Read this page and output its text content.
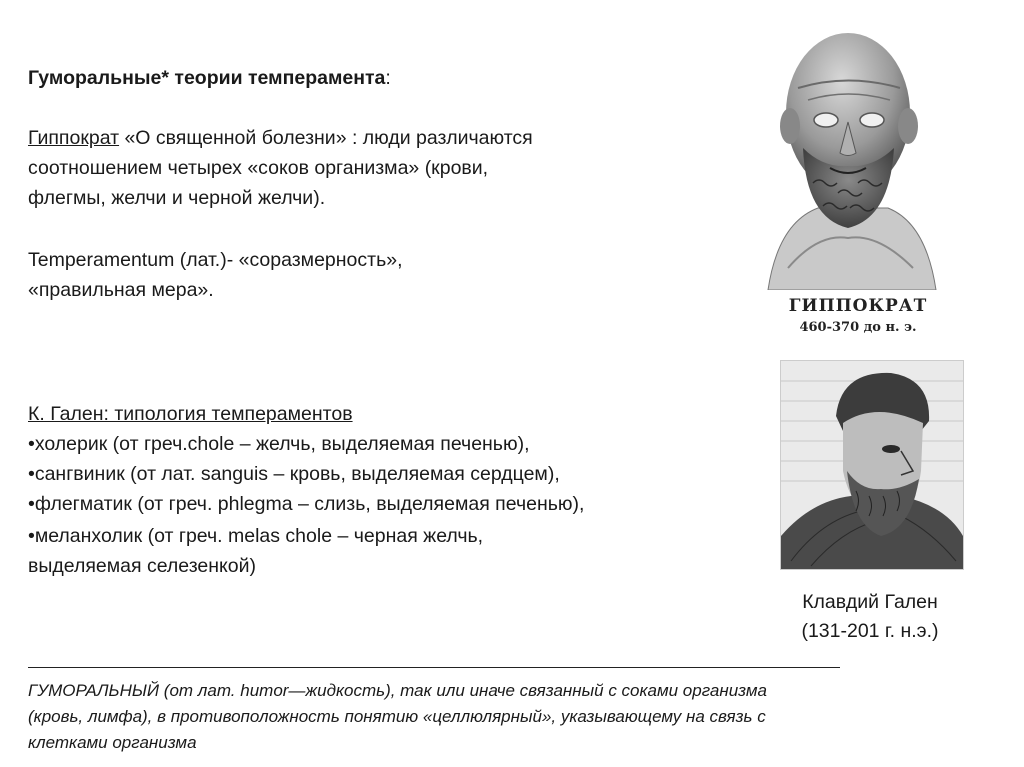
Гуморальные* теории темперамента:
Гиппократ «О священной болезни» : люди различаются
соотношением четырех «соков организма» (крови,
флегмы, желчи и черной желчи).
Temperamentum (лат.)- «соразмерность»,
«правильная мера».
К. Гален: типология темпераментов
•холерик (от греч.chole – желчь, выделяемая печенью),
•сангвиник (от лат. sanguis – кровь, выделяемая сердцем),
•флегматик (от греч. phlegma – слизь, выделяемая печенью),
•меланхолик (от греч. melas chole – черная желчь,
выделяемая селезенкой)
ГУМОРАЛЬНЫЙ (от лат. humor—жидкость), так или иначе связанный с соками организма
(кровь, лимфа), в противоположность понятию «целлюлярный», указывающему на связь с
клетками организма
ГИППОКРАТ
460-370 до н. э.
Клавдий Гален
(131-201 г. н.э.)
